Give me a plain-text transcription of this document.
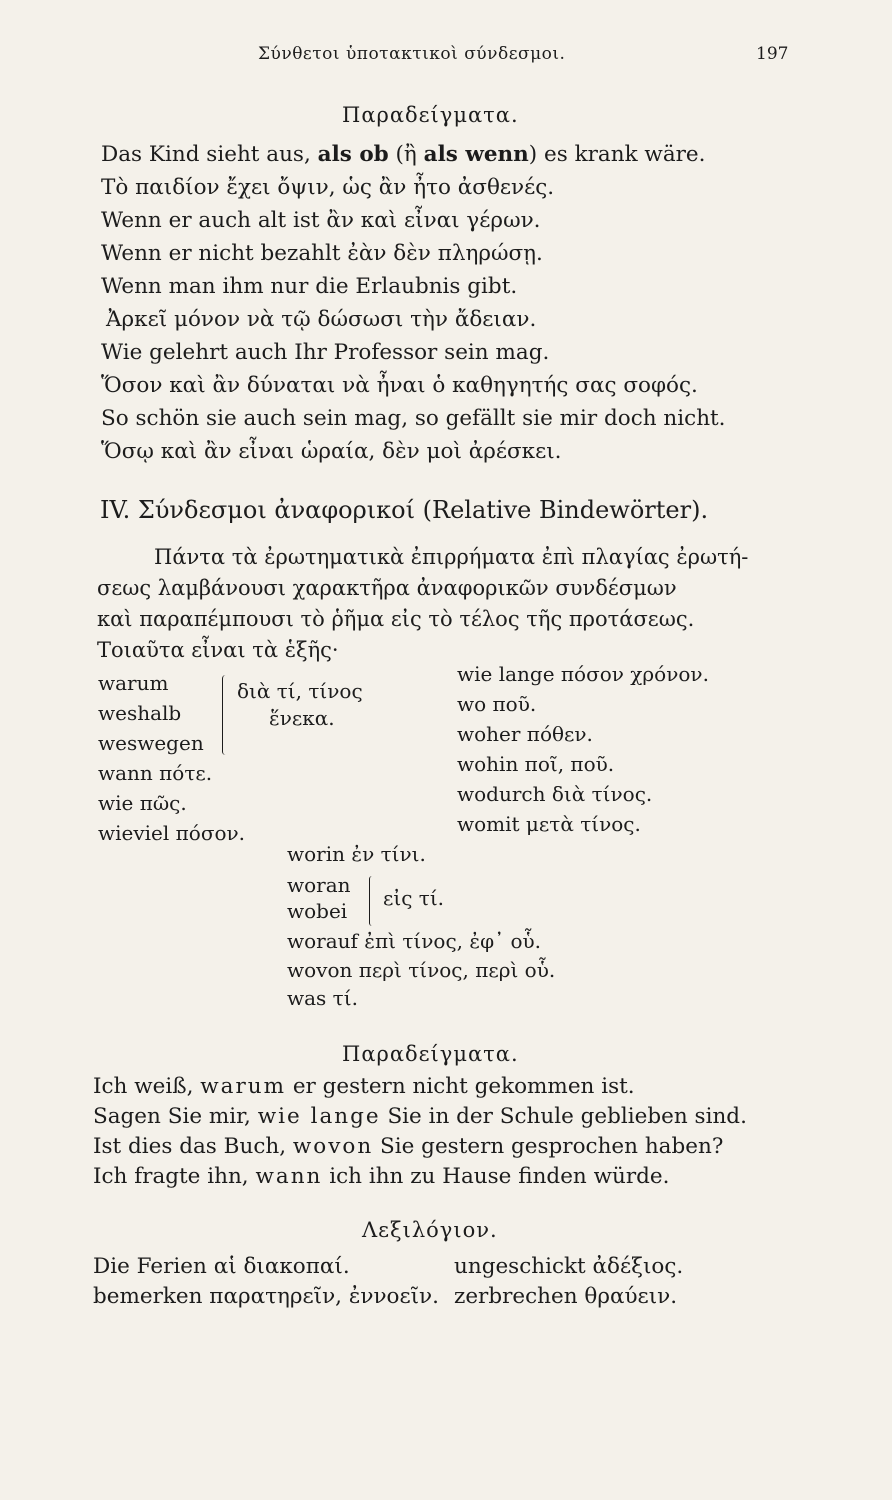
Σύνθετοι ὑποτακτικοὶ σύνδεσμοι.	197
Παραδείγματα.
Das Kind sieht aus, als ob (ἢ als wenn) es krank wäre.
Τὸ παιδίον ἔχει ὄψιν, ὡς ἂν ἦτο ἀσθενές.
Wenn er auch alt ist ἂν καὶ εἶναι γέρων.
Wenn er nicht bezahlt ἐὰν δὲν πληρώσῃ.
Wenn man ihm nur die Erlaubnis gibt.
Ἀρκεῖ μόνον νὰ τῷ δώσωσι τὴν ἄδειαν.
Wie gelehrt auch Ihr Professor sein mag.
Ὅσον καὶ ἂν δύναται νὰ ἦναι ὁ καθηγητής σας σοφός.
So schön sie auch sein mag, so gefällt sie mir doch nicht.
Ὅσῳ καὶ ἂν εἶναι ὡραία, δὲν μοὶ ἀρέσκει.
IV. Σύνδεσμοι ἀναφορικοί (Relative Bindewörter).
Πάντα τὰ ἐρωτηματικὰ ἐπιρρήματα ἐπὶ πλαγίας ἐρωτή-
σεως λαμβάνουσι χαρακτῆρα ἀναφορικῶν συνδέσμων
καὶ παραπέμπουσι τὸ ῥῆμα εἰς τὸ τέλος τῆς προτάσεως.
Τοιαῦτα εἶναι τὰ ἑξῆς·
warum
weshalb
weswegen
διὰ τί, τίνος
ἕνεκα.
wann πότε.
wie πῶς.
wieviel πόσον.
wie lange πόσον χρόνον.
wo ποῦ.
woher πόθεν.
wohin ποῖ, ποῦ.
wodurch διὰ τίνος.
womit μετὰ τίνος.
worin ἐν τίνι.
woran
wobei
εἰς τί.
worauf ἐπὶ τίνος, ἐφ᾽ οὗ.
wovon περὶ τίνος, περὶ οὗ.
was τί.
Παραδείγματα.
Ich weiß, warum er gestern nicht gekommen ist.
Sagen Sie mir, wie lange Sie in der Schule geblieben sind.
Ist dies das Buch, wovon Sie gestern gesprochen haben?
Ich fragte ihn, wann ich ihn zu Hause finden würde.
Λεξιλόγιον.
Die Ferien αἱ διακοπαί.
bemerken παρατηρεῖν, ἐννοεῖν.
ungeschickt ἀδέξιος.
zerbrechen θραύειν.
